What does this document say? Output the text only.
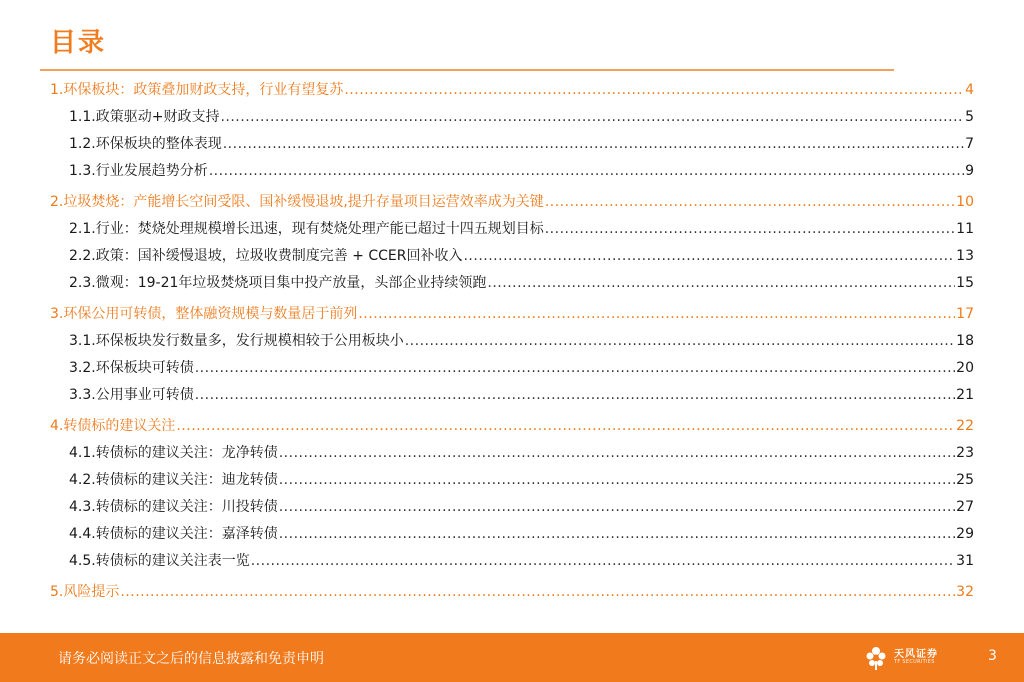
目录
1.环保板块：政策叠加财政支持，行业有望复苏 .....	4
1.1.政策驱动+财政支持 .....	5
1.2.环保板块的整体表现 .....	7
1.3.行业发展趋势分析 .....	9
2.垃圾焚烧：产能增长空间受限、国补缓慢退坡,提升存量项目运营效率成为关键 .....	10
2.1.行业：焚烧处理规模增长迅速，现有焚烧处理产能已超过十四五规划目标 .....	11
2.2.政策：国补缓慢退坡，垃圾收费制度完善 + CCER回补收入 .....	13
2.3.微观：19-21年垃圾焚烧项目集中投产放量，头部企业持续领跑 .....	15
3.环保公用可转债，整体融资规模与数量居于前列 .....	17
3.1.环保板块发行数量多，发行规模相较于公用板块小 .....	18
3.2.环保板块可转债 .....	20
3.3.公用事业可转债 .....	21
4.转债标的建议关注 .....	22
4.1.转债标的建议关注：龙净转债 .....	23
4.2.转债标的建议关注：迪龙转债 .....	25
4.3.转债标的建议关注：川投转债 .....	27
4.4.转债标的建议关注：嘉泽转债 .....	29
4.5.转债标的建议关注表一览 .....	31
5.风险提示 .....	32
请务必阅读正文之后的信息披露和免责申明	天风证券
TF SECURITIES	3
